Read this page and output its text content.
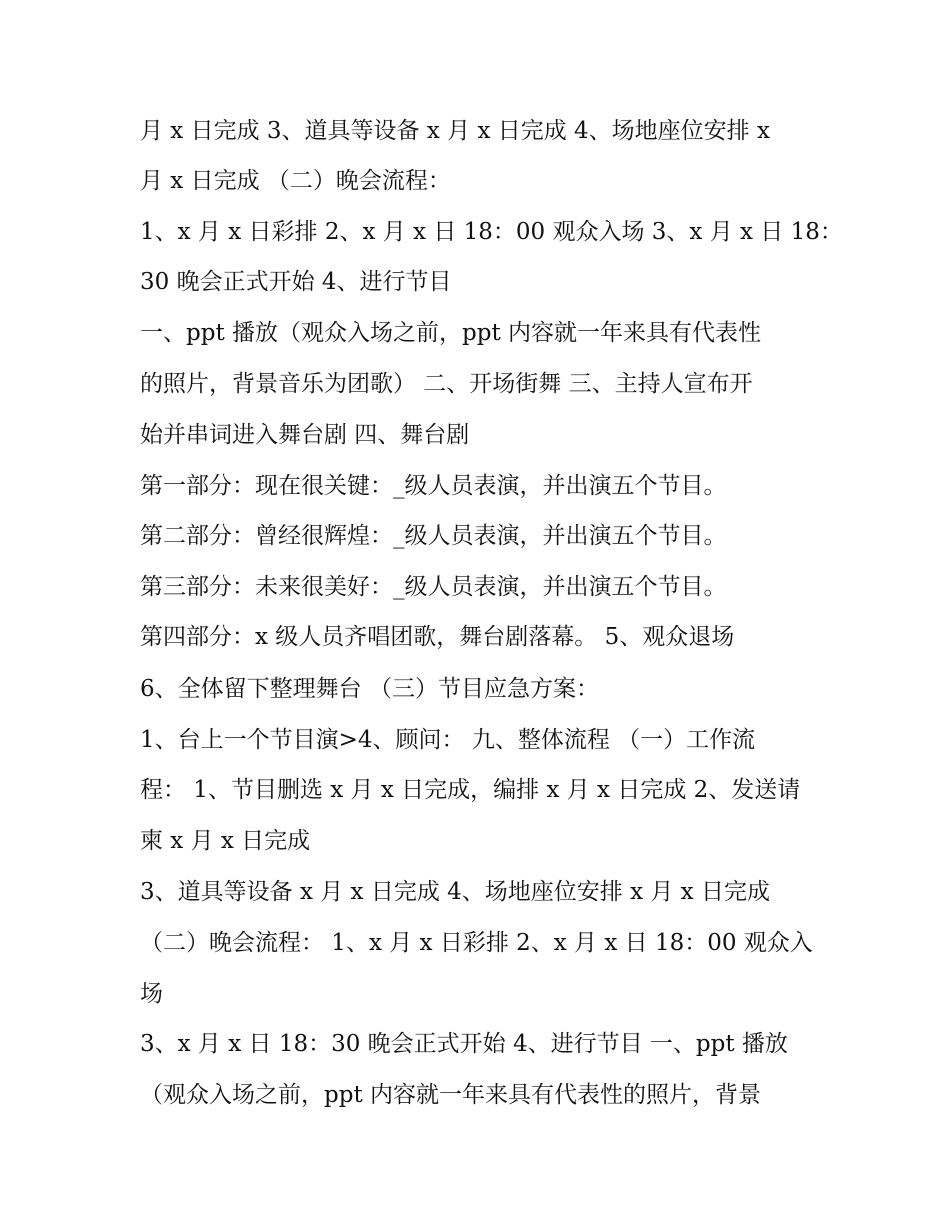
月 x 日完成 3、道具等设备 x 月 x 日完成 4、场地座位安排 x
月 x 日完成 （二）晚会流程：
1、x 月 x 日彩排 2、x 月 x 日 18：00 观众入场 3、x 月 x 日 18：
30 晚会正式开始 4、进行节目
一、ppt 播放（观众入场之前，ppt 内容就一年来具有代表性
的照片，背景音乐为团歌） 二、开场街舞 三、主持人宣布开
始并串词进入舞台剧 四、舞台剧
第一部分：现在很关键：_级人员表演，并出演五个节目。
第二部分：曾经很辉煌：_级人员表演，并出演五个节目。
第三部分：未来很美好：_级人员表演，并出演五个节目。
第四部分：x 级人员齐唱团歌，舞台剧落幕。 5、观众退场
6、全体留下整理舞台 （三）节目应急方案：
1、台上一个节目演>4、顾问： 九、整体流程 （一）工作流
程： 1、节目删选 x 月 x 日完成，编排 x 月 x 日完成 2、发送请
柬 x 月 x 日完成
3、道具等设备 x 月 x 日完成 4、场地座位安排 x 月 x 日完成
（二）晚会流程： 1、x 月 x 日彩排 2、x 月 x 日 18：00 观众入
场
3、x 月 x 日 18：30 晚会正式开始 4、进行节目 一、ppt 播放
（观众入场之前，ppt 内容就一年来具有代表性的照片，背景
